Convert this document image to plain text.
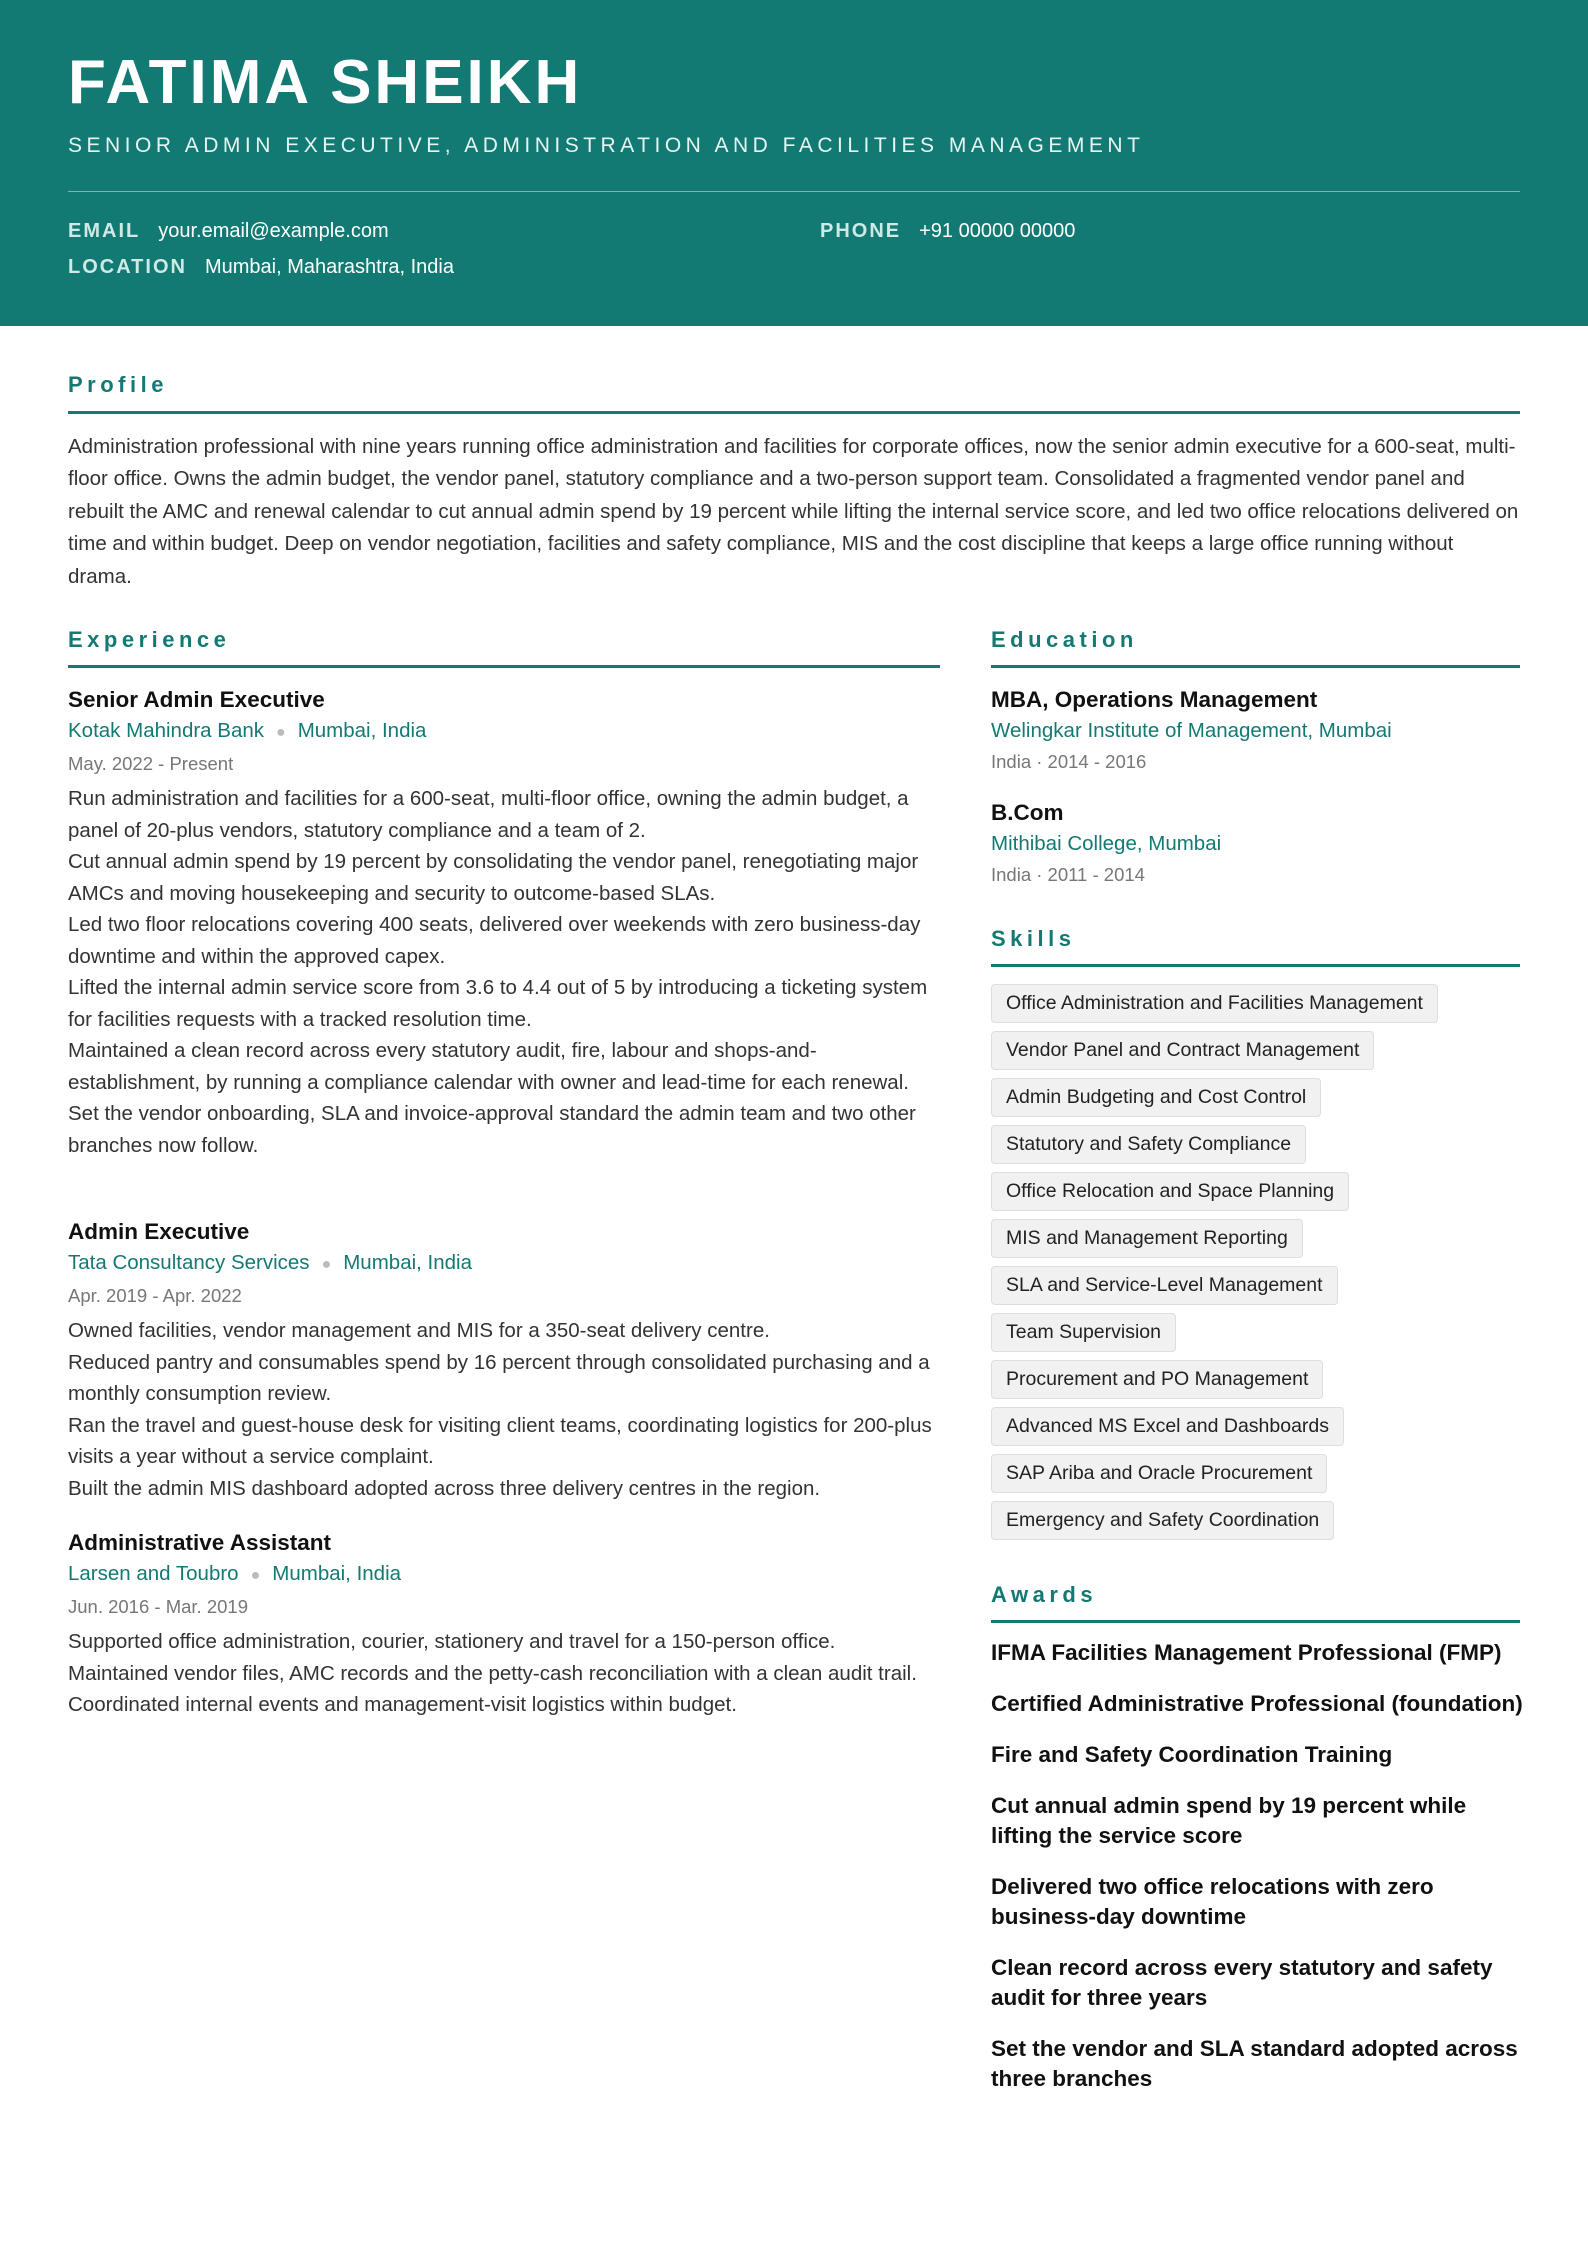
FATIMA SHEIKH
SENIOR ADMIN EXECUTIVE, ADMINISTRATION AND FACILITIES MANAGEMENT
EMAIL your.email@example.com	PHONE +91 00000 00000
LOCATION Mumbai, Maharashtra, India
Profile
Administration professional with nine years running office administration and facilities for corporate offices, now the senior admin executive for a 600-seat, multi-floor office. Owns the admin budget, the vendor panel, statutory compliance and a two-person support team. Consolidated a fragmented vendor panel and rebuilt the AMC and renewal calendar to cut annual admin spend by 19 percent while lifting the internal service score, and led two office relocations delivered on time and within budget. Deep on vendor negotiation, facilities and safety compliance, MIS and the cost discipline that keeps a large office running without drama.
Experience
Senior Admin Executive
Kotak Mahindra Bank ● Mumbai, India
May. 2022 - Present
Run administration and facilities for a 600-seat, multi-floor office, owning the admin budget, a panel of 20-plus vendors, statutory compliance and a team of 2.
Cut annual admin spend by 19 percent by consolidating the vendor panel, renegotiating major AMCs and moving housekeeping and security to outcome-based SLAs.
Led two floor relocations covering 400 seats, delivered over weekends with zero business-day downtime and within the approved capex.
Lifted the internal admin service score from 3.6 to 4.4 out of 5 by introducing a ticketing system for facilities requests with a tracked resolution time.
Maintained a clean record across every statutory audit, fire, labour and shops-and-establishment, by running a compliance calendar with owner and lead-time for each renewal.
Set the vendor onboarding, SLA and invoice-approval standard the admin team and two other branches now follow.
Admin Executive
Tata Consultancy Services ● Mumbai, India
Apr. 2019 - Apr. 2022
Owned facilities, vendor management and MIS for a 350-seat delivery centre.
Reduced pantry and consumables spend by 16 percent through consolidated purchasing and a monthly consumption review.
Ran the travel and guest-house desk for visiting client teams, coordinating logistics for 200-plus visits a year without a service complaint.
Built the admin MIS dashboard adopted across three delivery centres in the region.
Administrative Assistant
Larsen and Toubro ● Mumbai, India
Jun. 2016 - Mar. 2019
Supported office administration, courier, stationery and travel for a 150-person office.
Maintained vendor files, AMC records and the petty-cash reconciliation with a clean audit trail.
Coordinated internal events and management-visit logistics within budget.
Education
MBA, Operations Management
Welingkar Institute of Management, Mumbai
India · 2014 - 2016
B.Com
Mithibai College, Mumbai
India · 2011 - 2014
Skills
Office Administration and Facilities Management
Vendor Panel and Contract Management
Admin Budgeting and Cost Control
Statutory and Safety Compliance
Office Relocation and Space Planning
MIS and Management Reporting
SLA and Service-Level Management
Team Supervision
Procurement and PO Management
Advanced MS Excel and Dashboards
SAP Ariba and Oracle Procurement
Emergency and Safety Coordination
Awards
IFMA Facilities Management Professional (FMP)
Certified Administrative Professional (foundation)
Fire and Safety Coordination Training
Cut annual admin spend by 19 percent while lifting the service score
Delivered two office relocations with zero business-day downtime
Clean record across every statutory and safety audit for three years
Set the vendor and SLA standard adopted across three branches
